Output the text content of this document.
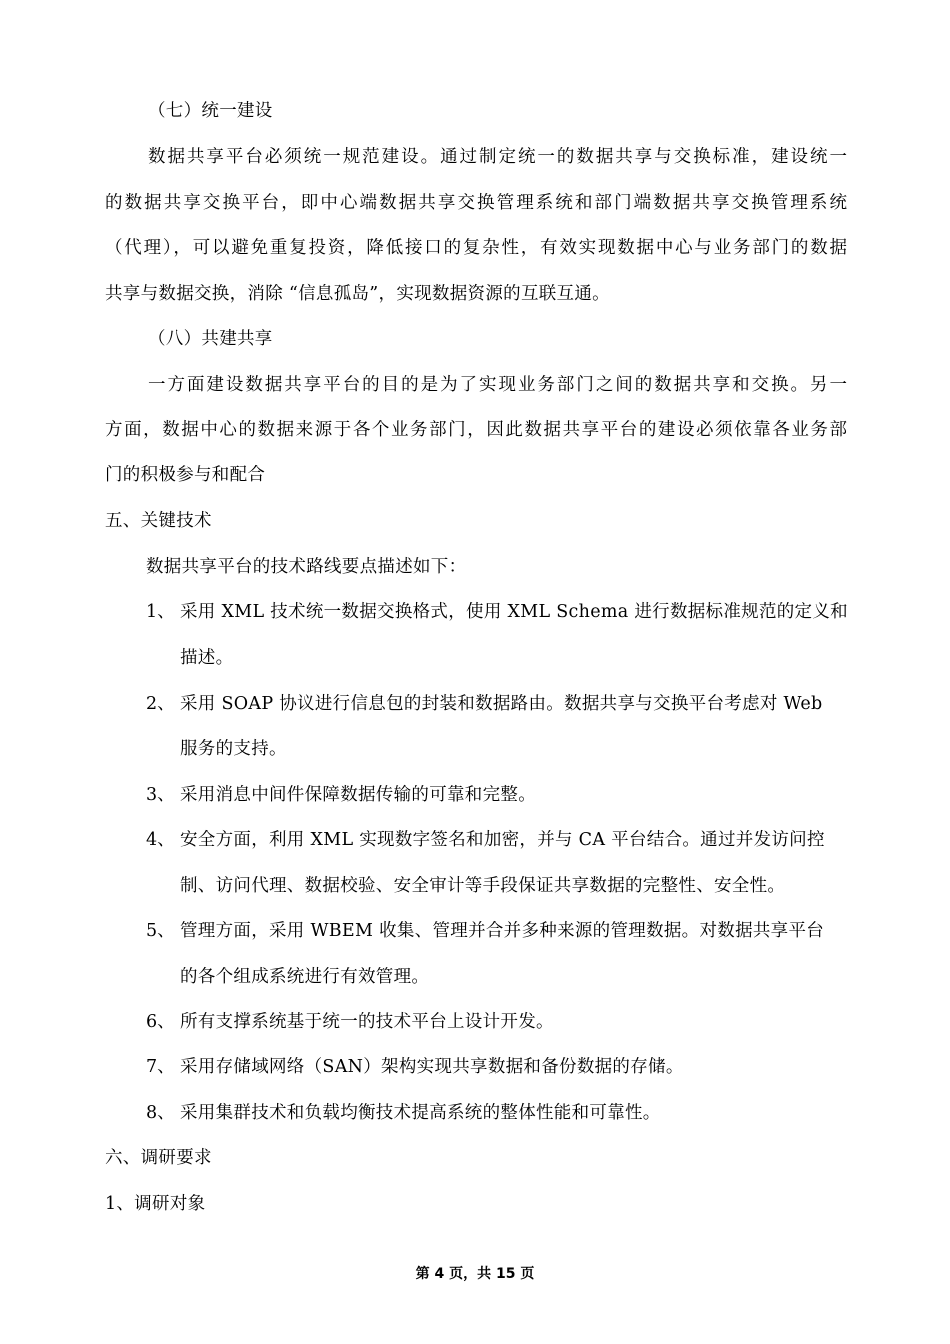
（七）统一建设
数据共享平台必须统一规范建设。通过制定统一的数据共享与交换标准，建设统一
的数据共享交换平台，即中心端数据共享交换管理系统和部门端数据共享交换管理系统
（代理），可以避免重复投资，降低接口的复杂性，有效实现数据中心与业务部门的数据
共享与数据交换，消除 “信息孤岛”，实现数据资源的互联互通。
（八）共建共享
一方面建设数据共享平台的目的是为了实现业务部门之间的数据共享和交换。另一
方面，数据中心的数据来源于各个业务部门，因此数据共享平台的建设必须依靠各业务部
门的积极参与和配合
五、关键技术
数据共享平台的技术路线要点描述如下：
1、 采用 XML 技术统一数据交换格式，使用 XML Schema 进行数据标准规范的定义和
描述。
2、 采用 SOAP 协议进行信息包的封装和数据路由。数据共享与交换平台考虑对 Web
服务的支持。
3、 采用消息中间件保障数据传输的可靠和完整。
4、 安全方面，利用 XML 实现数字签名和加密，并与 CA 平台结合。通过并发访问控
制、访问代理、数据校验、安全审计等手段保证共享数据的完整性、安全性。
5、 管理方面，采用 WBEM 收集、管理并合并多种来源的管理数据。对数据共享平台
的各个组成系统进行有效管理。
6、 所有支撑系统基于统一的技术平台上设计开发。
7、 采用存储域网络（SAN）架构实现共享数据和备份数据的存储。
8、 采用集群技术和负载均衡技术提高系统的整体性能和可靠性。
六、调研要求
1、调研对象
第 4 页，共 15 页
